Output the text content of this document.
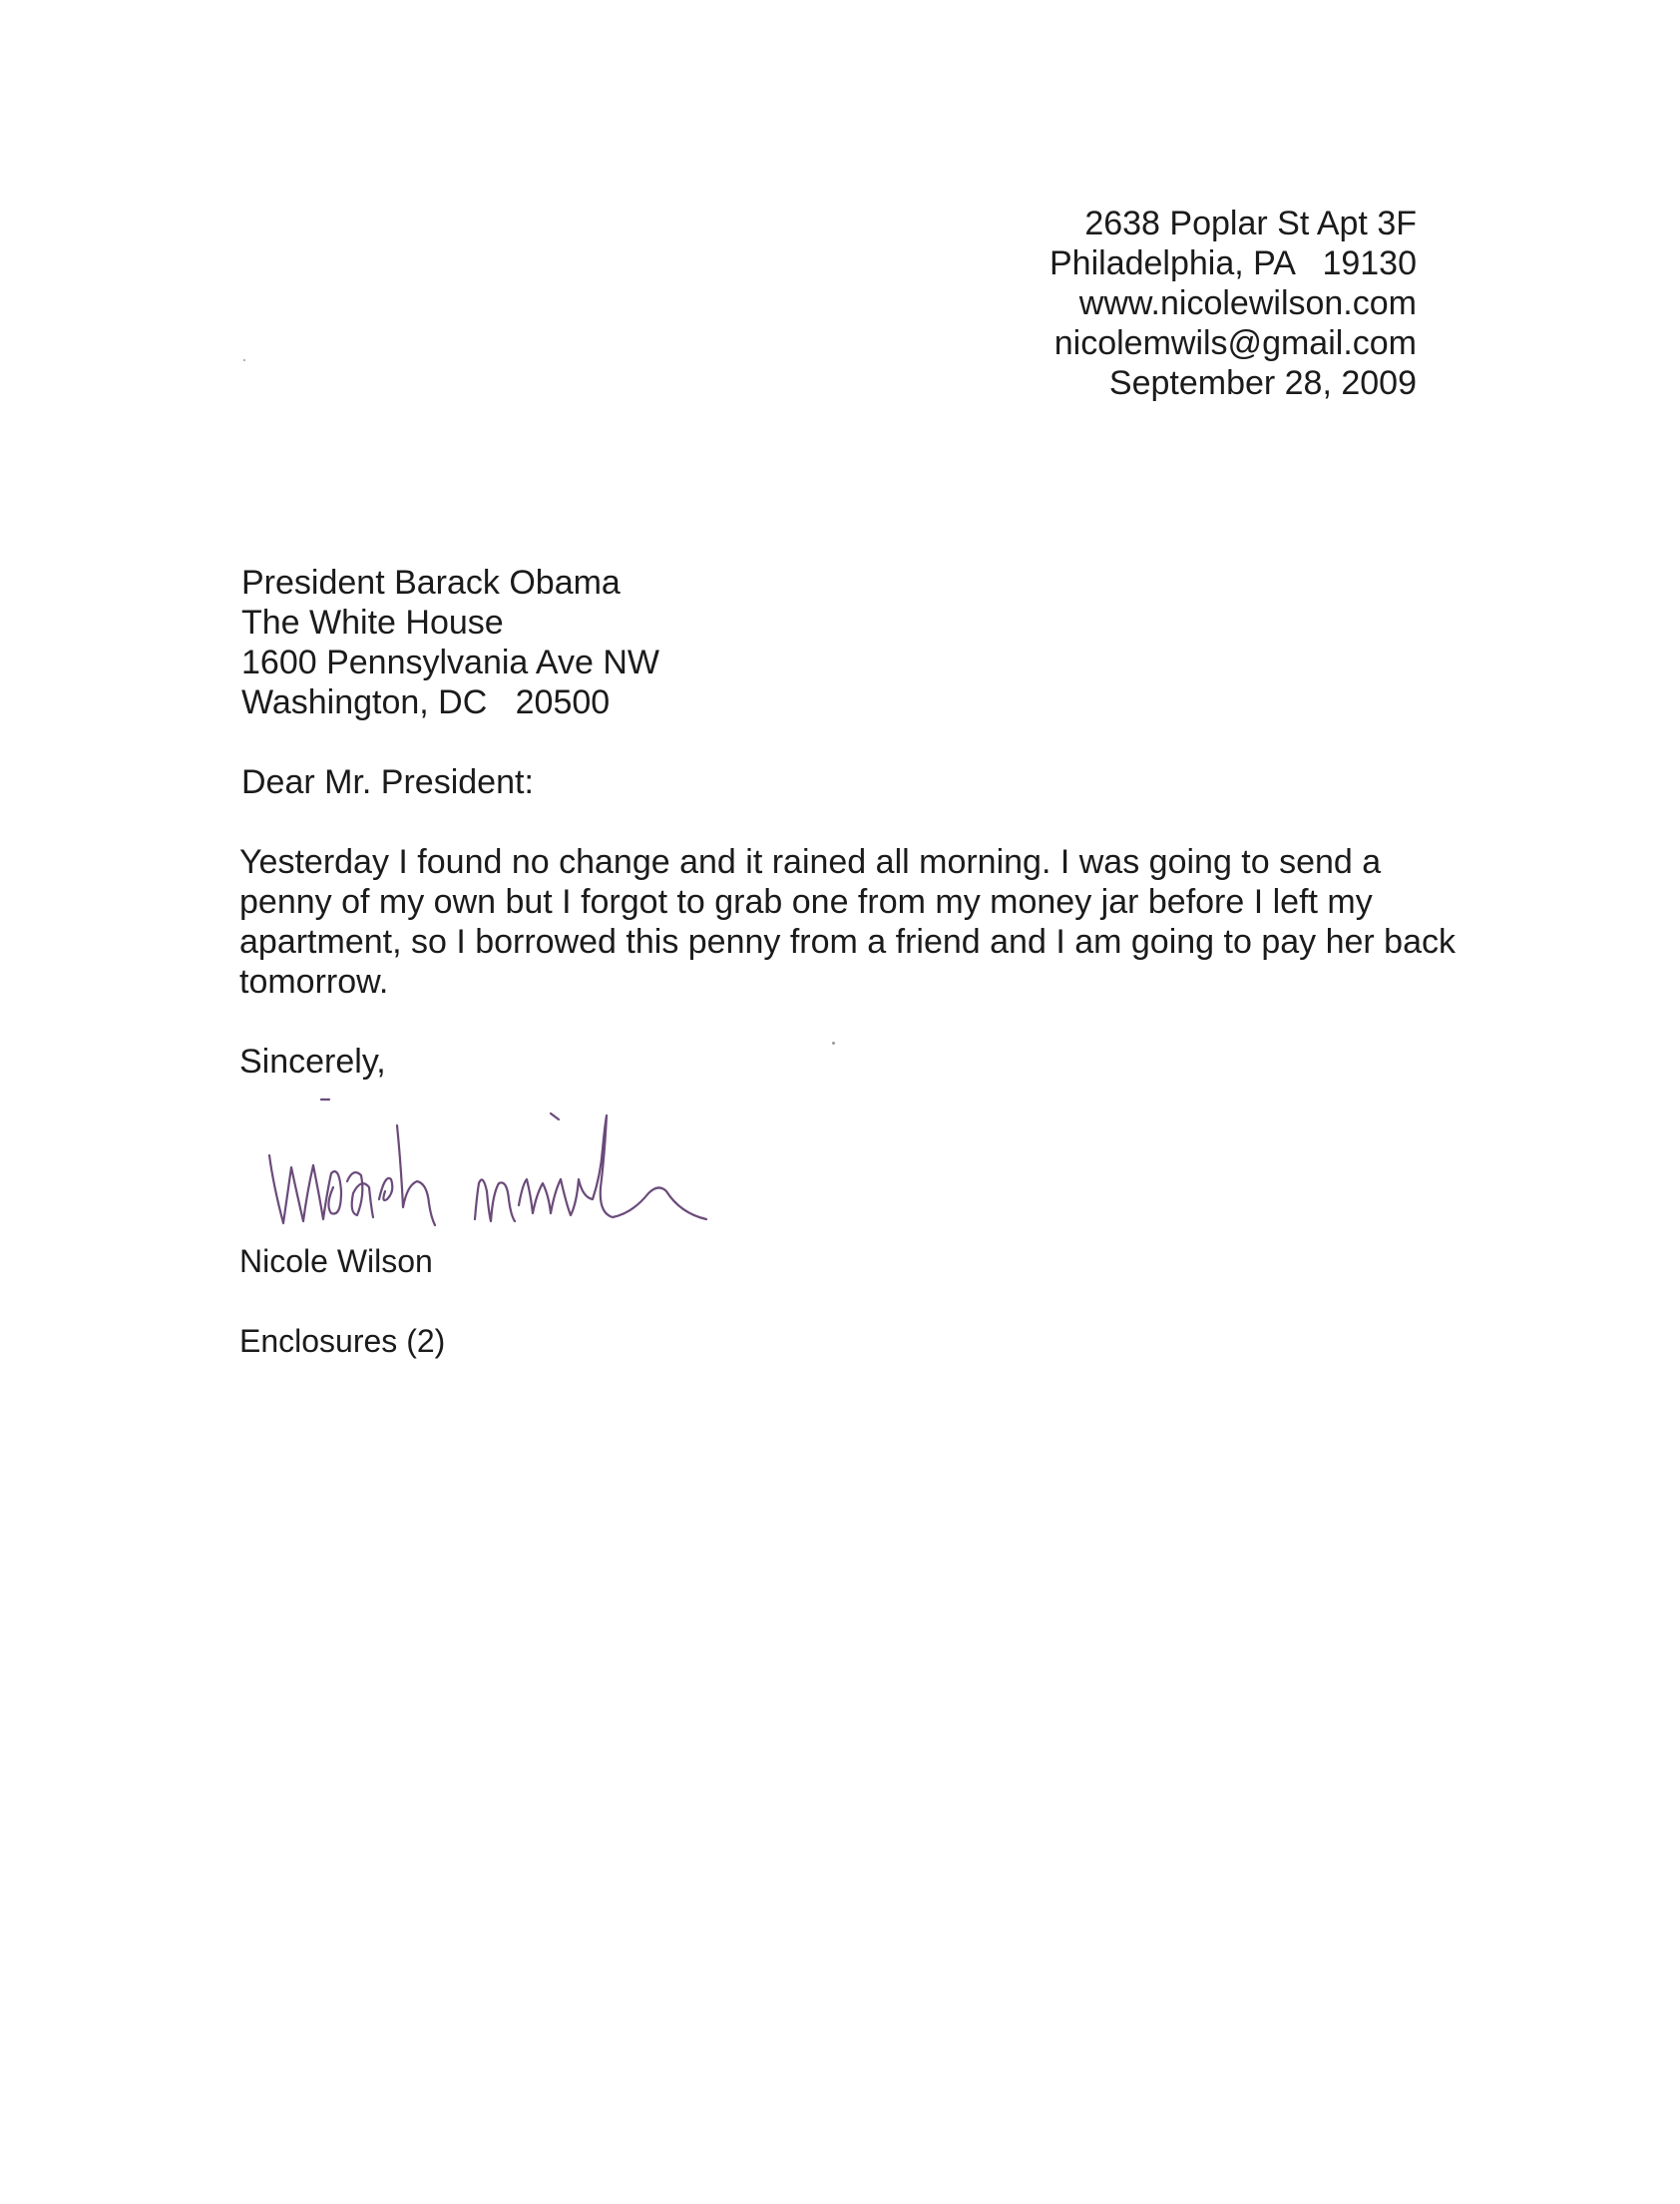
2638 Poplar St Apt 3F

Philadelphia, PA   19130

www.nicolewilson.com

nicolemwils@gmail.com

September 28, 2009

President Barack Obama

The White House

1600 Pennsylvania Ave NW

Washington, DC   20500

Dear Mr. President:

Yesterday I found no change and it rained all morning. I was going to send a penny of my own but I forgot to grab one from my money jar before I left my apartment, so I borrowed this penny from a friend and I am going to pay her back tomorrow.

Sincerely,

Nicole Wilson

Enclosures (2)
